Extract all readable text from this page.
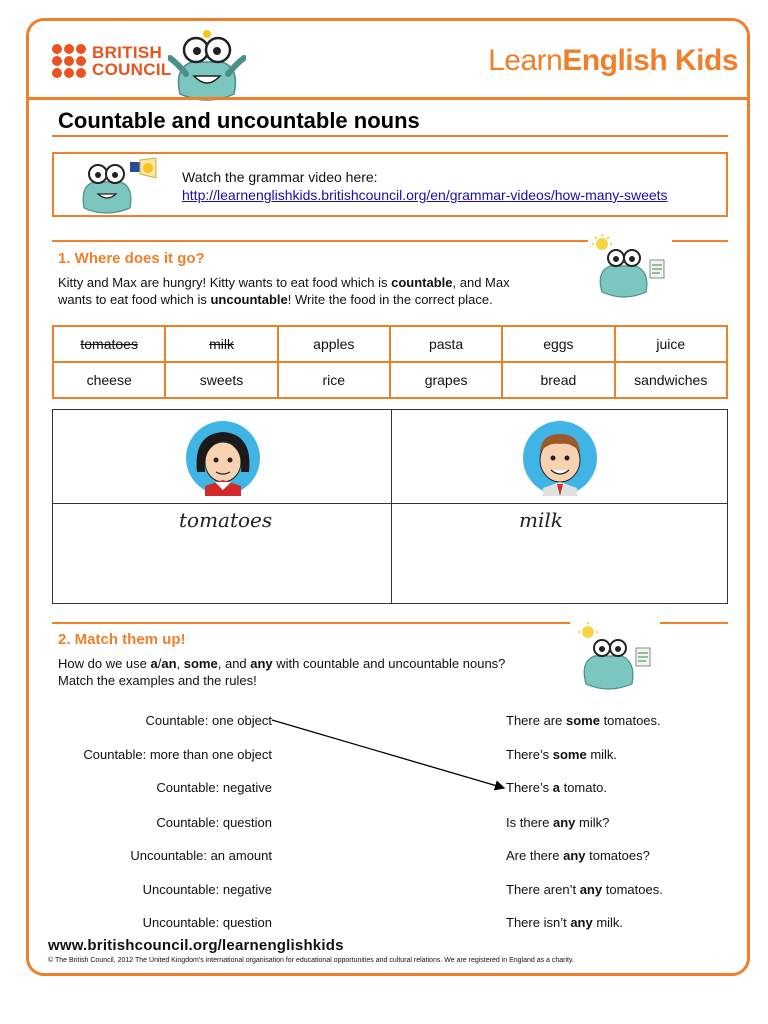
BRITISH
COUNCIL	LearnEnglish Kids
Countable and uncountable nouns
Watch the grammar video here:
http://learnenglishkids.britishcouncil.org/en/grammar-videos/how-many-sweets
1. Where does it go?
Kitty and Max are hungry! Kitty wants to eat food which is countable, and Max
wants to eat food which is uncountable! Write the food in the correct place.
tomatoes	milk	apples	pasta	eggs	juice
cheese	sweets	rice	grapes	bread	sandwiches
tomatoes	milk
2. Match them up!
How do we use a/an, some, and any with countable and uncountable nouns?
Match the examples and the rules!
Countable: one object
Countable: more than one object
Countable: negative
Countable: question
Uncountable: an amount
Uncountable: negative
Uncountable: question
There are some tomatoes.
There’s some milk.
There’s a tomato.
Is there any milk?
Are there any tomatoes?
There aren’t any tomatoes.
There isn’t any milk.
www.britishcouncil.org/learnenglishkids
© The British Council, 2012 The United Kingdom’s international organisation for educational opportunities and cultural relations. We are registered in England as a charity.
